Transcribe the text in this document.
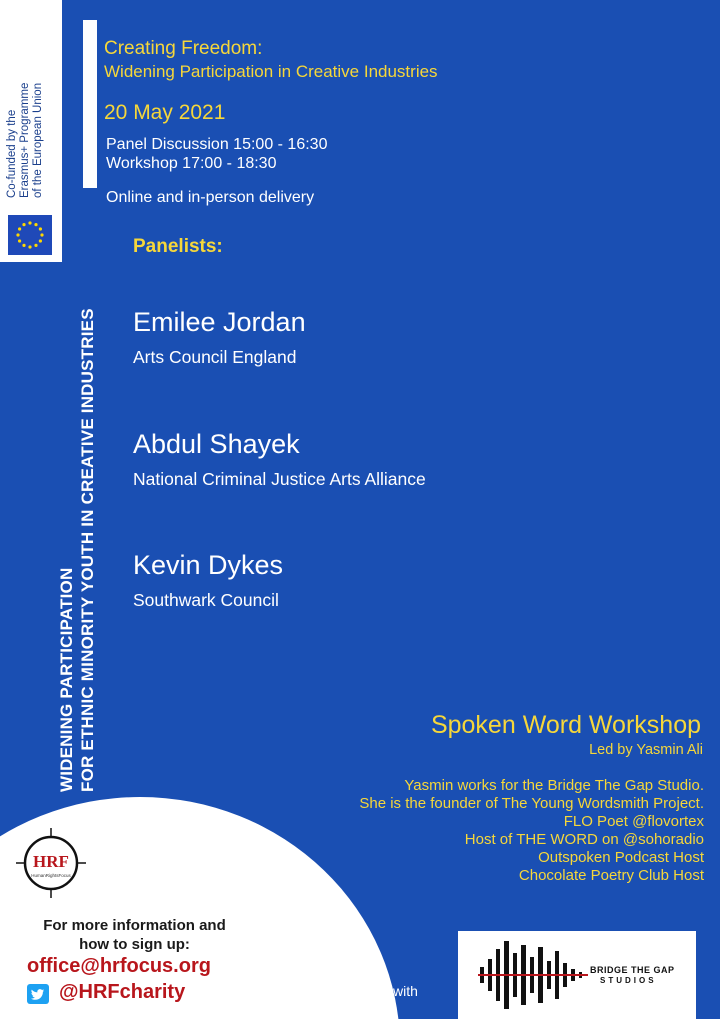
Co-funded by the Erasmus+ Programme of the European Union
WIDENING PARTICIPATION FOR ETHNIC MINORITY YOUTH IN CREATIVE INDUSTRIES
Creating Freedom:
Widening Participation in Creative Industries
20 May 2021
Panel Discussion 15:00 - 16:30
Workshop 17:00 - 18:30
Online and in-person delivery
Panelists:
Emilee Jordan
Arts Council England
Abdul Shayek
National Criminal Justice Arts Alliance
Kevin Dykes
Southwark Council
Spoken Word Workshop
Led by Yasmin Ali
Yasmin works for the Bridge The Gap Studio.
She is the founder of The Young Wordsmith Project.
FLO Poet @flovortex
Host of THE WORD on @sohoradio
Outspoken Podcast Host
Chocolate Poetry Club Host
HRF
HumanRightsFocus
For more information and
how to sign up:
office@hrfocus.org
@HRFcharity	In Partnership with
BRIDGE THE GAP
STUDIOS
